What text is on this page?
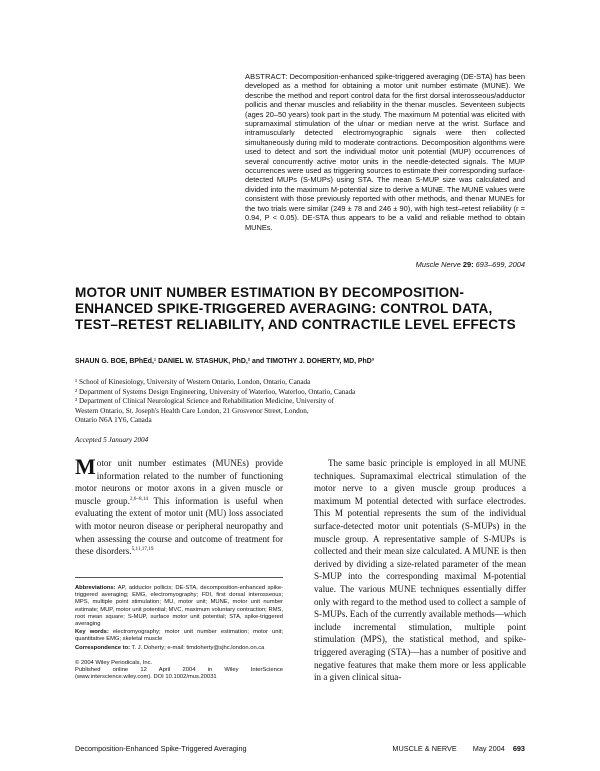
ABSTRACT: Decomposition-enhanced spike-triggered averaging (DE-STA) has been developed as a method for obtaining a motor unit number estimate (MUNE). We describe the method and report control data for the first dorsal interosseous/adductor pollicis and thenar muscles and reliability in the thenar muscles. Seventeen subjects (ages 20–50 years) took part in the study. The maximum M potential was elicited with supramaximal stimulation of the ulnar or median nerve at the wrist. Surface and intramuscularly detected electromyographic signals were then collected simultaneously during mild to moderate contractions. Decomposition algorithms were used to detect and sort the individual motor unit potential (MUP) occurrences of several concurrently active motor units in the needle-detected signals. The MUP occurrences were used as triggering sources to estimate their corresponding surface-detected MUPs (S-MUPs) using STA. The mean S-MUP size was calculated and divided into the maximum M-potential size to derive a MUNE. The MUNE values were consistent with those previously reported with other methods, and thenar MUNEs for the two trials were similar (249 ± 78 and 246 ± 90), with high test–retest reliability (r = 0.94, P < 0.05). DE-STA thus appears to be a valid and reliable method to obtain MUNEs.
Muscle Nerve 29: 693–699, 2004
MOTOR UNIT NUMBER ESTIMATION BY DECOMPOSITION-ENHANCED SPIKE-TRIGGERED AVERAGING: CONTROL DATA, TEST–RETEST RELIABILITY, AND CONTRACTILE LEVEL EFFECTS
SHAUN G. BOE, BPhEd,¹ DANIEL W. STASHUK, PhD,² and TIMOTHY J. DOHERTY, MD, PhD³
¹ School of Kinesiology, University of Western Ontario, London, Ontario, Canada
² Department of Systems Design Engineering, University of Waterloo, Waterloo, Ontario, Canada
³ Department of Clinical Neurological Science and Rehabilitation Medicine, University of
Western Ontario, St. Joseph's Health Care London, 21 Grosvenor Street, London,
Ontario N6A 1Y6, Canada
Accepted 5 January 2004
Motor unit number estimates (MUNEs) provide information related to the number of functioning motor neurons or motor axons in a given muscle or muscle group.$^{2,6-8,14}$ This information is useful when evaluating the extent of motor unit (MU) loss associated with motor neuron disease or peripheral neuropathy and when assessing the course and outcome of treatment for these disorders.$^{5,11,17,19}$
Abbreviations: AP, adductor pollicis; DE-STA, decomposition-enhanced spike-triggered averaging; EMG, electromyography; FDI, first dorsal interosseous; MPS, multiple point stimulation; MU, motor unit; MUNE, motor unit number estimate; MUP, motor unit potential; MVC, maximum voluntary contraction; RMS, root mean square; S-MUP, surface motor unit potential; STA, spike-triggered averaging
Key words: electromyography; motor unit number estimation; motor unit; quantitative EMG; skeletal muscle
Correspondence to: T. J. Doherty; e-mail: timdoherty@sjhc.london.on.ca
© 2004 Wiley Periodicals, Inc.
Published online 12 April 2004 in Wiley InterScience (www.interscience.wiley.com). DOI 10.1002/mus.20031

The same basic principle is employed in all MUNE techniques. Supramaximal electrical stimulation of the motor nerve to a given muscle group produces a maximum M potential detected with surface electrodes. This M potential represents the sum of the individual surface-detected motor unit potentials (S-MUPs) in the muscle group. A representative sample of S-MUPs is collected and their mean size calculated. A MUNE is then derived by dividing a size-related parameter of the mean S-MUP into the corresponding maximal M-potential value. The various MUNE techniques essentially differ only with regard to the method used to collect a sample of S-MUPs. Each of the currently available methods—which include incremental stimulation, multiple point stimulation (MPS), the statistical method, and spike-triggered averaging (STA)—has a number of positive and negative features that make them more or less applicable in a given clinical situa-

Decomposition-Enhanced Spike-Triggered Averaging	MUSCLE & NERVE May 2004 693
